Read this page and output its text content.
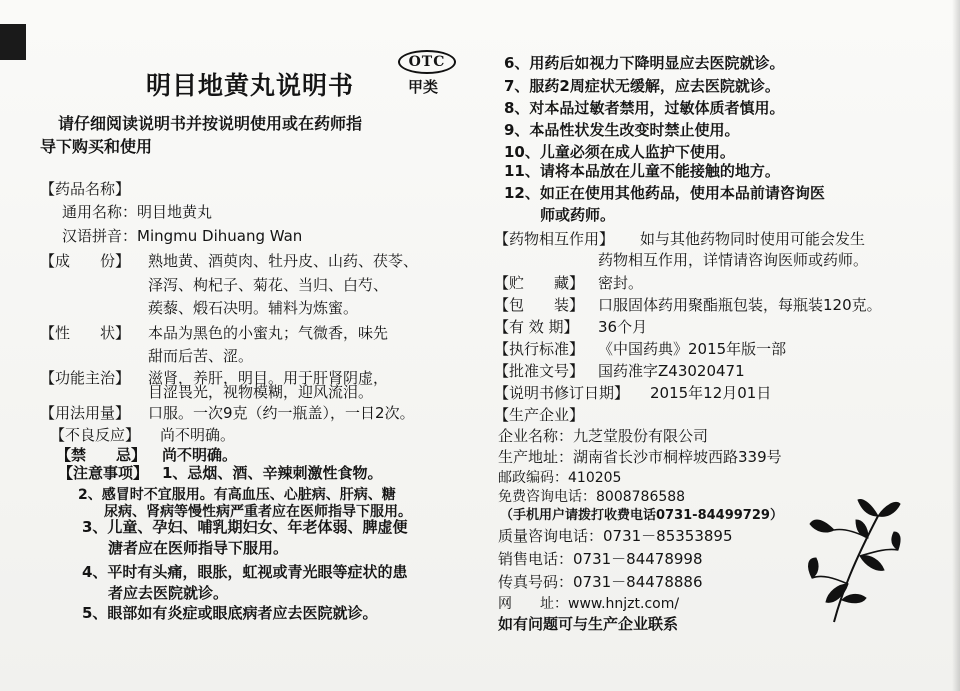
明目地黄丸说明书
OTC
甲类
请仔细阅读说明书并按说明使用或在药师指
导下购买和使用
【药品名称】
通用名称：明目地黄丸
汉语拼音：Mingmu Dihuang Wan
【成　　份】 熟地黄、酒萸肉、牡丹皮、山药、茯苓、
泽泻、枸杞子、菊花、当归、白芍、
蒺藜、煅石决明。辅料为炼蜜。
【性　　状】 本品为黑色的小蜜丸；气微香，味先
甜而后苦、涩。
【功能主治】 滋肾，养肝，明目。用于肝肾阴虚，
目涩畏光，视物模糊，迎风流泪。
【用法用量】 口服。一次9克（约一瓶盖），一日2次。
【不良反应】 尚不明确。
【禁　　忌】 尚不明确。
【注意事项】 1、忌烟、酒、辛辣刺激性食物。
2、感冒时不宜服用。有高血压、心脏病、肝病、糖
尿病、肾病等慢性病严重者应在医师指导下服用。
3、儿童、孕妇、哺乳期妇女、年老体弱、脾虚便
溏者应在医师指导下服用。
4、平时有头痛，眼胀，虹视或青光眼等症状的患
者应去医院就诊。
5、眼部如有炎症或眼底病者应去医院就诊。
6、用药后如视力下降明显应去医院就诊。
7、服药2周症状无缓解，应去医院就诊。
8、对本品过敏者禁用，过敏体质者慎用。
9、本品性状发生改变时禁止使用。
10、儿童必须在成人监护下使用。
11、请将本品放在儿童不能接触的地方。
12、如正在使用其他药品，使用本品前请咨询医
师或药师。
【药物相互作用】 如与其他药物同时使用可能会发生
药物相互作用，详情请咨询医师或药师。
【贮　　藏】 密封。
【包　　装】 口服固体药用聚酯瓶包装，每瓶装120克。
【有 效 期】 36个月
【执行标准】 《中国药典》2015年版一部
【批准文号】 国药准字Z43020471
【说明书修订日期】 2015年12月01日
【生产企业】
企业名称：九芝堂股份有限公司
生产地址：湖南省长沙市桐梓坡西路339号
邮政编码：410205
免费咨询电话：8008786588
（手机用户请拨打收费电话0731-84499729）
质量咨询电话：0731－85353895
销售电话：0731－84478998
传真号码：0731－84478886
网　　址：www.hnjzt.com/
如有问题可与生产企业联系
